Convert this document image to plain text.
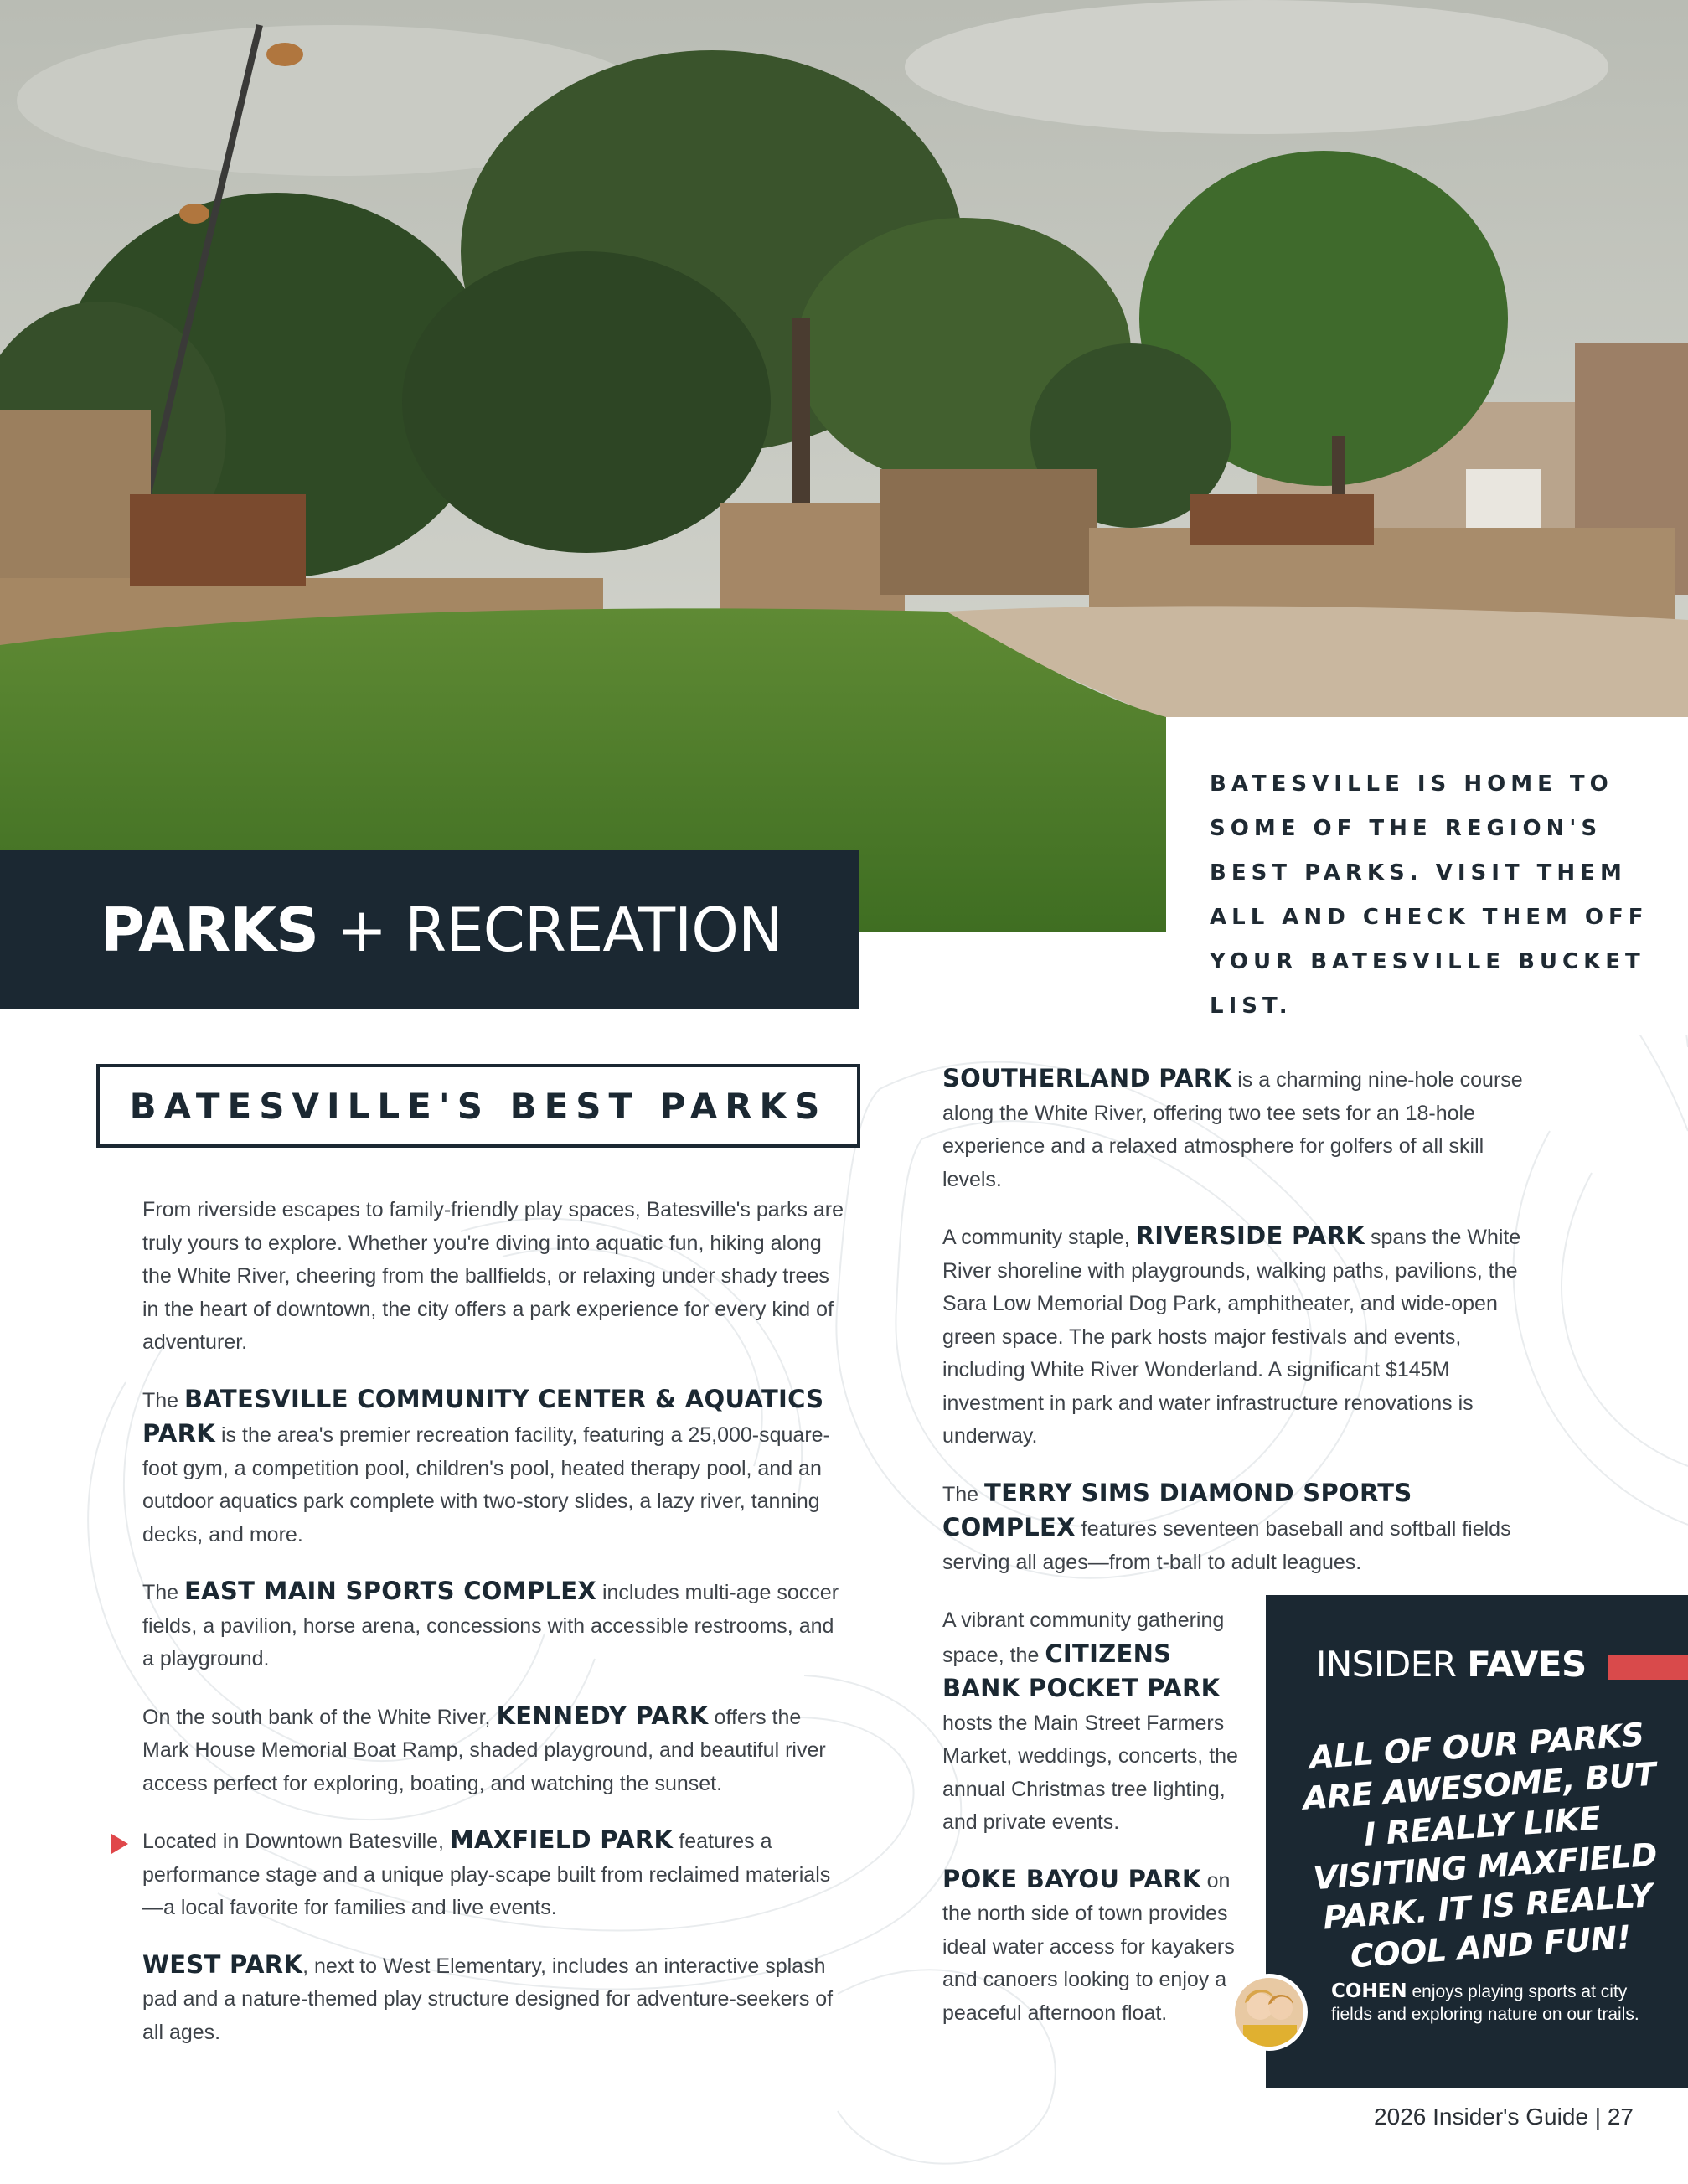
BATESVILLE IS HOME TO SOME OF THE REGION'S BEST PARKS. VISIT THEM ALL AND CHECK THEM OFF YOUR BATESVILLE BUCKET LIST.

PARKS + RECREATION
BATESVILLE'S BEST PARKS

From riverside escapes to family-friendly play spaces, Batesville's parks are truly yours to explore. Whether you're diving into aquatic fun, hiking along the White River, cheering from the ballfields, or relaxing under shady trees in the heart of downtown, the city offers a park experience for every kind of adventurer.

The BATESVILLE COMMUNITY CENTER & AQUATICS PARK is the area's premier recreation facility, featuring a 25,000-square-foot gym, a competition pool, children's pool, heated therapy pool, and an outdoor aquatics park complete with two-story slides, a lazy river, tanning decks, and more.

The EAST MAIN SPORTS COMPLEX includes multi-age soccer fields, a pavilion, horse arena, concessions with accessible restrooms, and a playground.

On the south bank of the White River, KENNEDY PARK offers the Mark House Memorial Boat Ramp, shaded playground, and beautiful river access perfect for exploring, boating, and watching the sunset.

Located in Downtown Batesville, MAXFIELD PARK features a performance stage and a unique play-scape built from reclaimed materials—a local favorite for families and live events.

WEST PARK, next to West Elementary, includes an interactive splash pad and a nature-themed play structure designed for adventure-seekers of all ages.

SOUTHERLAND PARK is a charming nine-hole course along the White River, offering two tee sets for an 18-hole experience and a relaxed atmosphere for golfers of all skill levels.

A community staple, RIVERSIDE PARK spans the White River shoreline with playgrounds, walking paths, pavilions, the Sara Low Memorial Dog Park, amphitheater, and wide-open green space. The park hosts major festivals and events, including White River Wonderland. A significant $145M investment in park and water infrastructure renovations is underway.

The TERRY SIMS DIAMOND SPORTS COMPLEX features seventeen baseball and softball fields serving all ages—from t-ball to adult leagues.

A vibrant community gathering space, the CITIZENS BANK POCKET PARK hosts the Main Street Farmers Market, weddings, concerts, the annual Christmas tree lighting, and private events.

POKE BAYOU PARK on the north side of town provides ideal water access for kayakers and canoers looking to enjoy a peaceful afternoon float.

INSIDER FAVES
ALL OF OUR PARKS ARE AWESOME, BUT I REALLY LIKE VISITING MAXFIELD PARK. IT IS REALLY COOL AND FUN!
COHEN enjoys playing sports at city fields and exploring nature on our trails.
2026 Insider's Guide | 27
